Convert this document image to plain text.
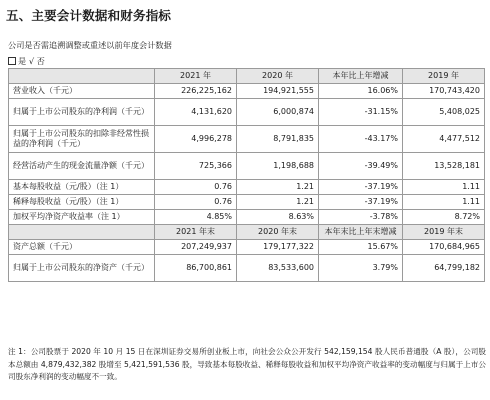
五、主要会计数据和财务指标
公司是否需追溯调整或重述以前年度会计数据
是 √ 否
	2021 年	2020 年	本年比上年增减	2019 年
营业收入（千元）	226,225,162	194,921,555	16.06%	170,743,420
归属于上市公司股东的净利润（千元）	4,131,620	6,000,874	-31.15%	5,408,025
归属于上市公司股东的扣除非经常性损益的净利润（千元）	4,996,278	8,791,835	-43.17%	4,477,512
经营活动产生的现金流量净额（千元）	725,366	1,198,688	-39.49%	13,528,181
基本每股收益（元/股）（注 1）	0.76	1.21	-37.19%	1.11
稀释每股收益（元/股）（注 1）	0.76	1.21	-37.19%	1.11
加权平均净资产收益率（注 1）	4.85%	8.63%	-3.78%	8.72%
	2021 年末	2020 年末	本年末比上年末增减	2019 年末
资产总额（千元）	207,249,937	179,177,322	15.67%	170,684,965
归属于上市公司股东的净资产（千元）	86,700,861	83,533,600	3.79%	64,799,182
注 1：公司股票于 2020 年 10 月 15 日在深圳证券交易所创业板上市，向社会公众公开发行 542,159,154 股人民币普通股（A 股），公司股本总额由 4,879,432,382 股增至 5,421,591,536 股，导致基本每股收益、稀释每股收益和加权平均净资产收益率的变动幅度与归属于上市公司股东净利润的变动幅度不一致。
